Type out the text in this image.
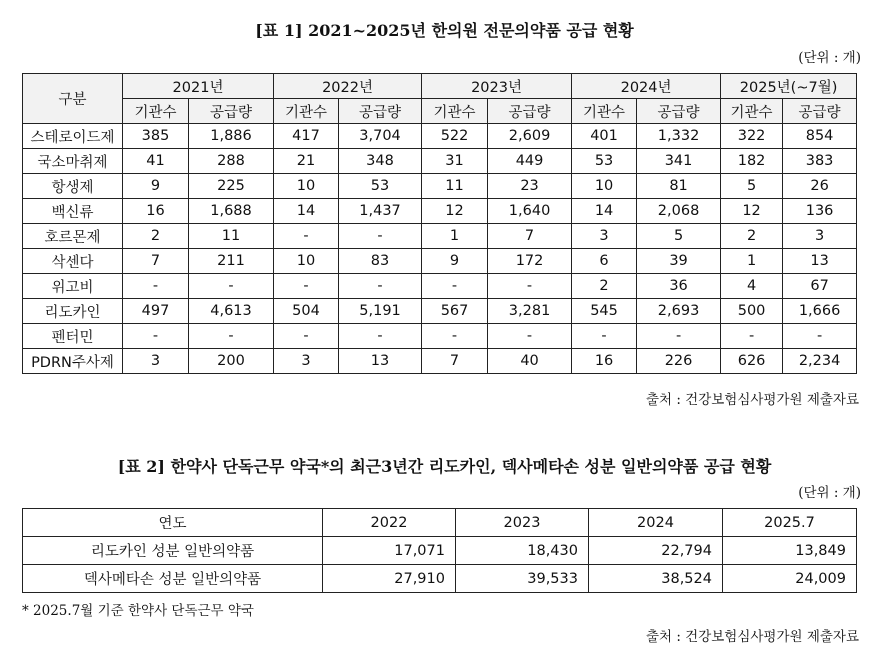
[표 1] 2021~2025년 한의원 전문의약품 공급 현황
(단위 : 개)
구분	2021년		2022년		2023년		2024년		2025년(~7월)	
	기관수	공급량	기관수	공급량	기관수	공급량	기관수	공급량	기관수	공급량
스테로이드제	385	1,886	417	3,704	522	2,609	401	1,332	322	854
국소마취제	41	288	21	348	31	449	53	341	182	383
항생제	9	225	10	53	11	23	10	81	5	26
백신류	16	1,688	14	1,437	12	1,640	14	2,068	12	136
호르몬제	2	11	-	-	1	7	3	5	2	3
삭센다	7	211	10	83	9	172	6	39	1	13
위고비	-	-	-	-	-	-	2	36	4	67
리도카인	497	4,613	504	5,191	567	3,281	545	2,693	500	1,666
펜터민	-	-	-	-	-	-	-	-	-	-
PDRN주사제	3	200	3	13	7	40	16	226	626	2,234
출처 : 건강보험심사평가원 제출자료
[표 2] 한약사 단독근무 약국*의 최근3년간 리도카인, 덱사메타손 성분 일반의약품 공급 현황
(단위 : 개)
연도	2022	2023	2024	2025.7
리도카인 성분 일반의약품	17,071	18,430	22,794	13,849
덱사메타손 성분 일반의약품	27,910	39,533	38,524	24,009
* 2025.7월 기준 한약사 단독근무 약국
출처 : 건강보험심사평가원 제출자료
